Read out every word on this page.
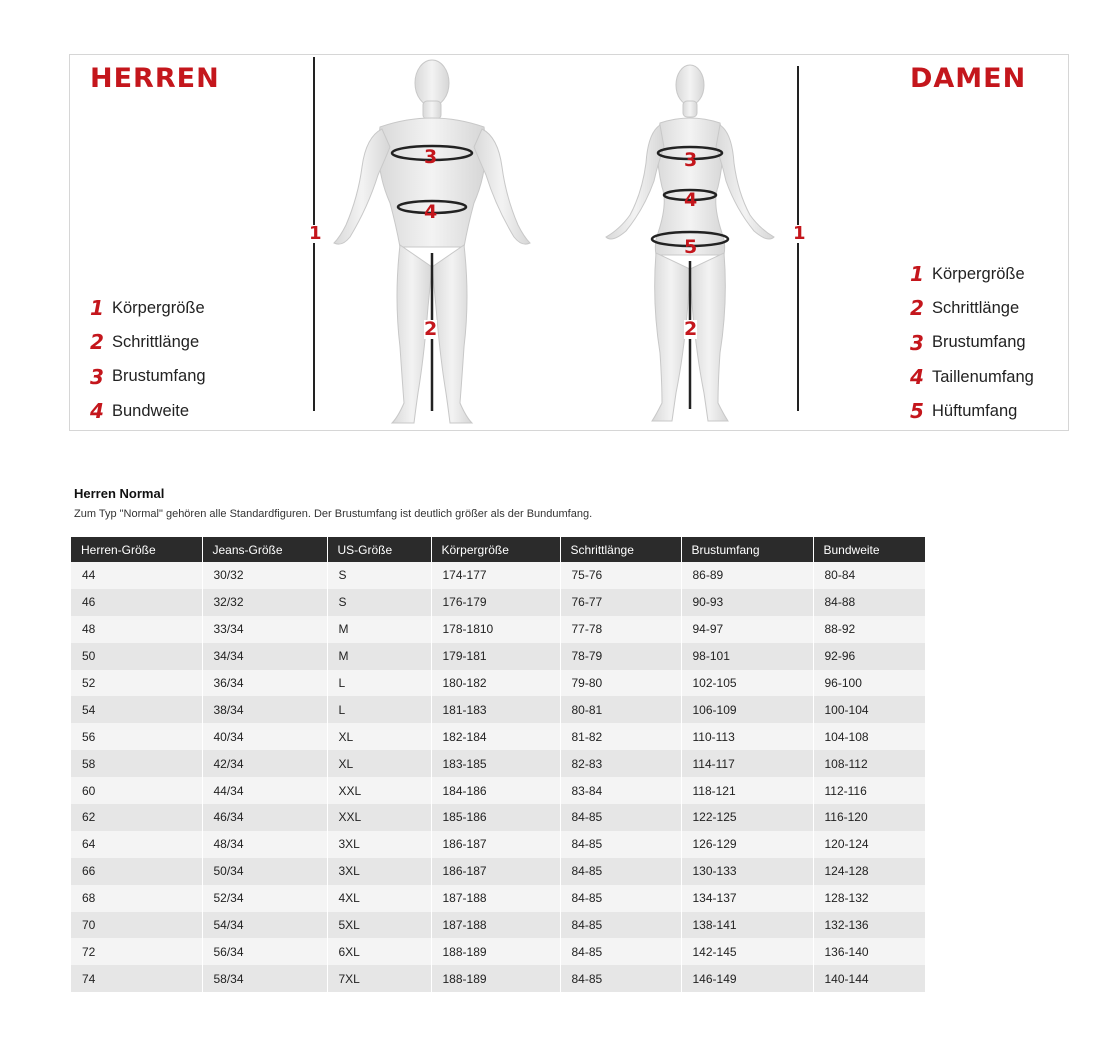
HERREN	DAMEN
1	1
1 Körpergröße
2 Schrittlänge
3 Brustumfang
4 Bundweite
1 Körpergröße
2 Schrittlänge
3 Brustumfang
4 Taillenumfang
5 Hüftumfang
3
4
2
3
4
5
2
Herren Normal
Zum Typ "Normal" gehören alle Standardfiguren. Der Brustumfang ist deutlich größer als der Bundumfang.
Herren-Größe	Jeans-Größe	US-Größe	Körpergröße	Schrittlänge	Brustumfang	Bundweite
44	30/32	S	174-177	75-76	86-89	80-84
46	32/32	S	176-179	76-77	90-93	84-88
48	33/34	M	178-1810	77-78	94-97	88-92
50	34/34	M	179-181	78-79	98-101	92-96
52	36/34	L	180-182	79-80	102-105	96-100
54	38/34	L	181-183	80-81	106-109	100-104
56	40/34	XL	182-184	81-82	110-113	104-108
58	42/34	XL	183-185	82-83	114-117	108-112
60	44/34	XXL	184-186	83-84	118-121	112-116
62	46/34	XXL	185-186	84-85	122-125	116-120
64	48/34	3XL	186-187	84-85	126-129	120-124
66	50/34	3XL	186-187	84-85	130-133	124-128
68	52/34	4XL	187-188	84-85	134-137	128-132
70	54/34	5XL	187-188	84-85	138-141	132-136
72	56/34	6XL	188-189	84-85	142-145	136-140
74	58/34	7XL	188-189	84-85	146-149	140-144
